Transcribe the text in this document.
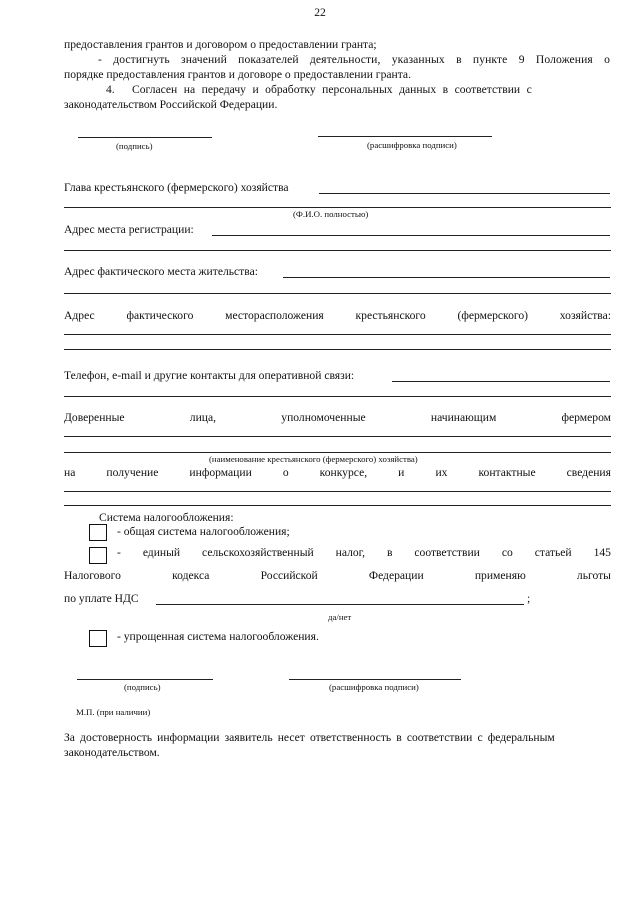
22
предоставления грантов и договором о предоставлении гранта;
- достигнуть значений показателей деятельности, указанных в пункте 9 Положения о
порядке предоставления грантов и договоре о предоставлении гранта.
4. Согласен на передачу и обработку персональных данных в соответствии с
законодательством Российской Федерации.
(подпись)	(расшифровка подписи)
Глава крестьянского (фермерского) хозяйства
(Ф.И.О. полностью)
Адрес места регистрации:
Адрес фактического места жительства:
Адрес	фактического	месторасположения	крестьянского	(фермерского)	хозяйства:
Телефон, e-mail и другие контакты для оперативной связи:
Доверенные	лица,	уполномоченные	начинающим	фермером
(наименование крестьянского (фермерского) хозяйства)
на	получение	информации	о	конкурсе,	и	их	контактные	сведения
Система налогообложения:
- общая система налогообложения;
- единый сельскохозяйственный налог, в соответствии со статьей 145
Налогового	кодекса	Российской	Федерации	применяю	льготы
по уплате НДС	;
да/нет
- упрощенная система налогообложения.
(подпись)	(расшифровка подписи)
М.П. (при наличии)
За достоверность информации заявитель несет ответственность в соответствии с федеральным
законодательством.
